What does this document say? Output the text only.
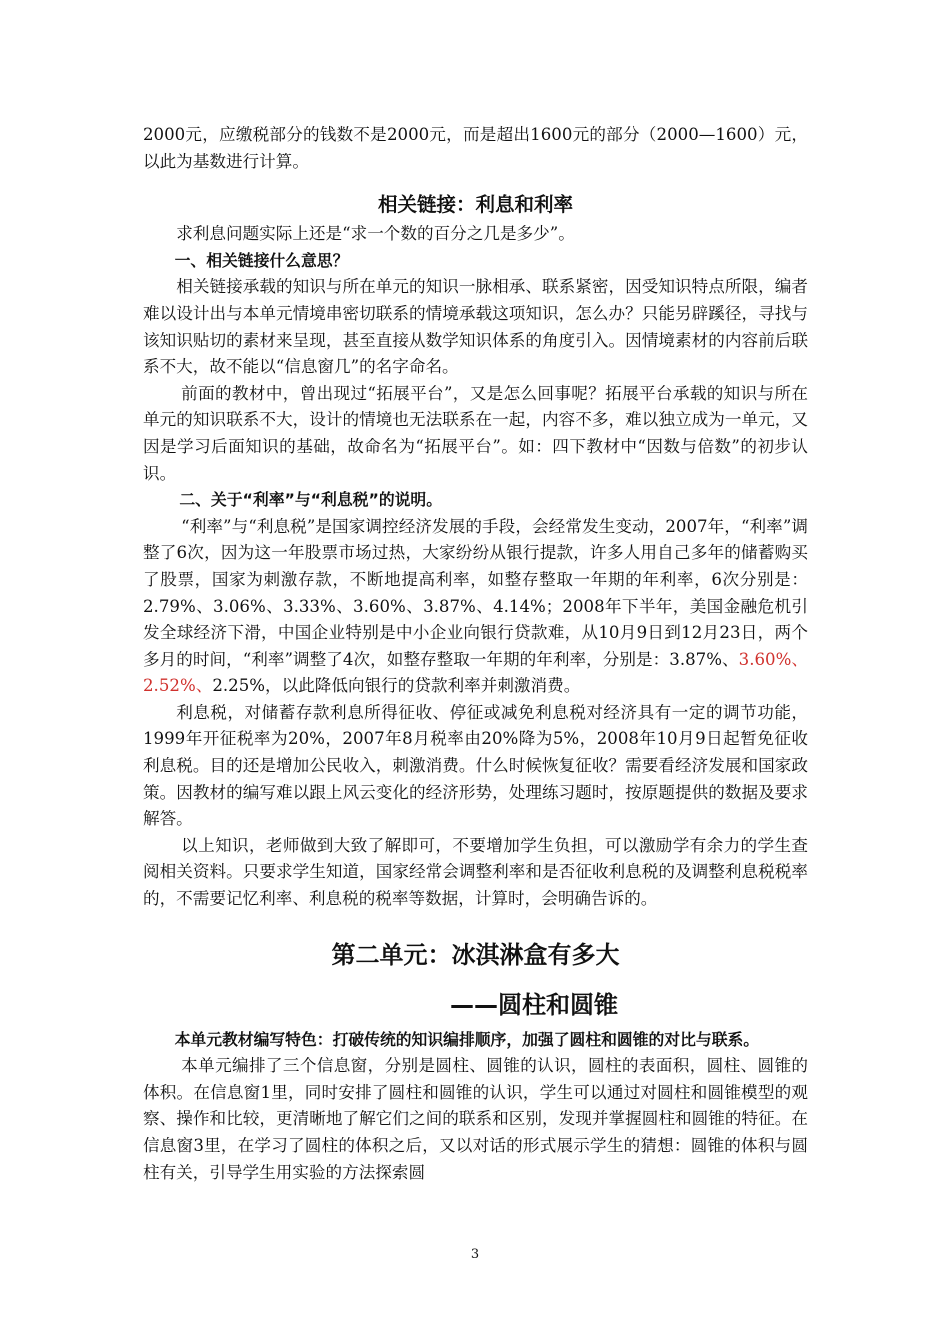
2000元，应缴税部分的钱数不是2000元，而是超出1600元的部分（2000—1600）元，以此为基数进行计算。

相关链接：利息和利率

求利息问题实际上还是“求一个数的百分之几是多少”。

一、相关链接什么意思？

相关链接承载的知识与所在单元的知识一脉相承、联系紧密，因受知识特点所限，编者难以设计出与本单元情境串密切联系的情境承载这项知识，怎么办？只能另辟蹊径，寻找与该知识贴切的素材来呈现，甚至直接从数学知识体系的角度引入。因情境素材的内容前后联系不大，故不能以“信息窗几”的名字命名。

前面的教材中，曾出现过“拓展平台”，又是怎么回事呢？拓展平台承载的知识与所在单元的知识联系不大，设计的情境也无法联系在一起，内容不多，难以独立成为一单元，又因是学习后面知识的基础，故命名为“拓展平台”。如：四下教材中“因数与倍数”的初步认识。

二、关于“利率”与“利息税”的说明。

“利率”与“利息税”是国家调控经济发展的手段，会经常发生变动，2007年，“利率”调整了6次，因为这一年股票市场过热，大家纷纷从银行提款，许多人用自己多年的储蓄购买了股票，国家为刺激存款，不断地提高利率，如整存整取一年期的年利率，6次分别是：2.79%、3.06%、3.33%、3.60%、3.87%、4.14%；2008年下半年，美国金融危机引发全球经济下滑，中国企业特别是中小企业向银行贷款难，从10月9日到12月23日，两个多月的时间，“利率”调整了4次，如整存整取一年期的年利率，分别是：3.87%、3.60%、2.52%、2.25%，以此降低向银行的贷款利率并刺激消费。

利息税，对储蓄存款利息所得征收、停征或减免利息税对经济具有一定的调节功能，1999年开征税率为20%，2007年8月税率由20%降为5%，2008年10月9日起暂免征收利息税。目的还是增加公民收入，刺激消费。什么时候恢复征收？需要看经济发展和国家政策。因教材的编写难以跟上风云变化的经济形势，处理练习题时，按原题提供的数据及要求解答。

以上知识，老师做到大致了解即可，不要增加学生负担，可以激励学有余力的学生查阅相关资料。只要求学生知道，国家经常会调整利率和是否征收利息税的及调整利息税税率的，不需要记忆利率、利息税的税率等数据，计算时，会明确告诉的。

第二单元：冰淇淋盒有多大
——圆柱和圆锥

本单元教材编写特色：打破传统的知识编排顺序，加强了圆柱和圆锥的对比与联系。

本单元编排了三个信息窗，分别是圆柱、圆锥的认识，圆柱的表面积，圆柱、圆锥的体积。在信息窗1里，同时安排了圆柱和圆锥的认识，学生可以通过对圆柱和圆锥模型的观察、操作和比较，更清晰地了解它们之间的联系和区别，发现并掌握圆柱和圆锥的特征。在信息窗3里，在学习了圆柱的体积之后，又以对话的形式展示学生的猜想：圆锥的体积与圆柱有关，引导学生用实验的方法探索圆

3
